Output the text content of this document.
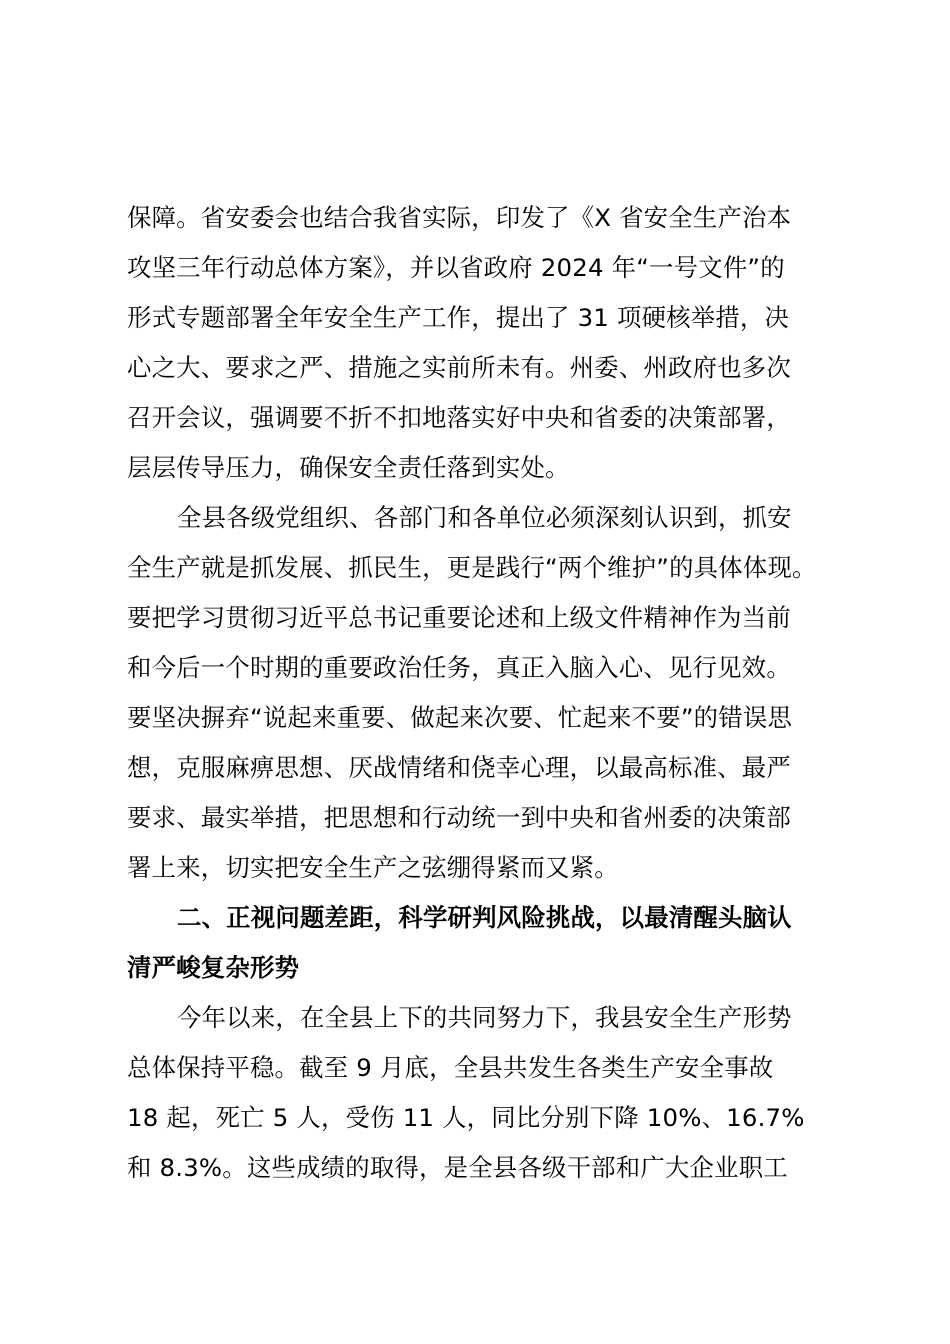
保障。省安委会也结合我省实际，印发了《X 省安全生产治本
攻坚三年行动总体方案》，并以省政府 2024 年“一号文件”的
形式专题部署全年安全生产工作，提出了 31 项硬核举措，决
心之大、要求之严、措施之实前所未有。州委、州政府也多次
召开会议，强调要不折不扣地落实好中央和省委的决策部署，
层层传导压力，确保安全责任落到实处。

全县各级党组织、各部门和各单位必须深刻认识到，抓安
全生产就是抓发展、抓民生，更是践行“两个维护”的具体体现。
要把学习贯彻习近平总书记重要论述和上级文件精神作为当前
和今后一个时期的重要政治任务，真正入脑入心、见行见效。
要坚决摒弃“说起来重要、做起来次要、忙起来不要”的错误思
想，克服麻痹思想、厌战情绪和侥幸心理，以最高标准、最严
要求、最实举措，把思想和行动统一到中央和省州委的决策部
署上来，切实把安全生产之弦绷得紧而又紧。

二、正视问题差距，科学研判风险挑战，以最清醒头脑认
清严峻复杂形势

今年以来，在全县上下的共同努力下，我县安全生产形势
总体保持平稳。截至 9 月底，全县共发生各类生产安全事故
18 起，死亡 5 人，受伤 11 人，同比分别下降 10%、16.7%
和 8.3%。这些成绩的取得，是全县各级干部和广大企业职工
